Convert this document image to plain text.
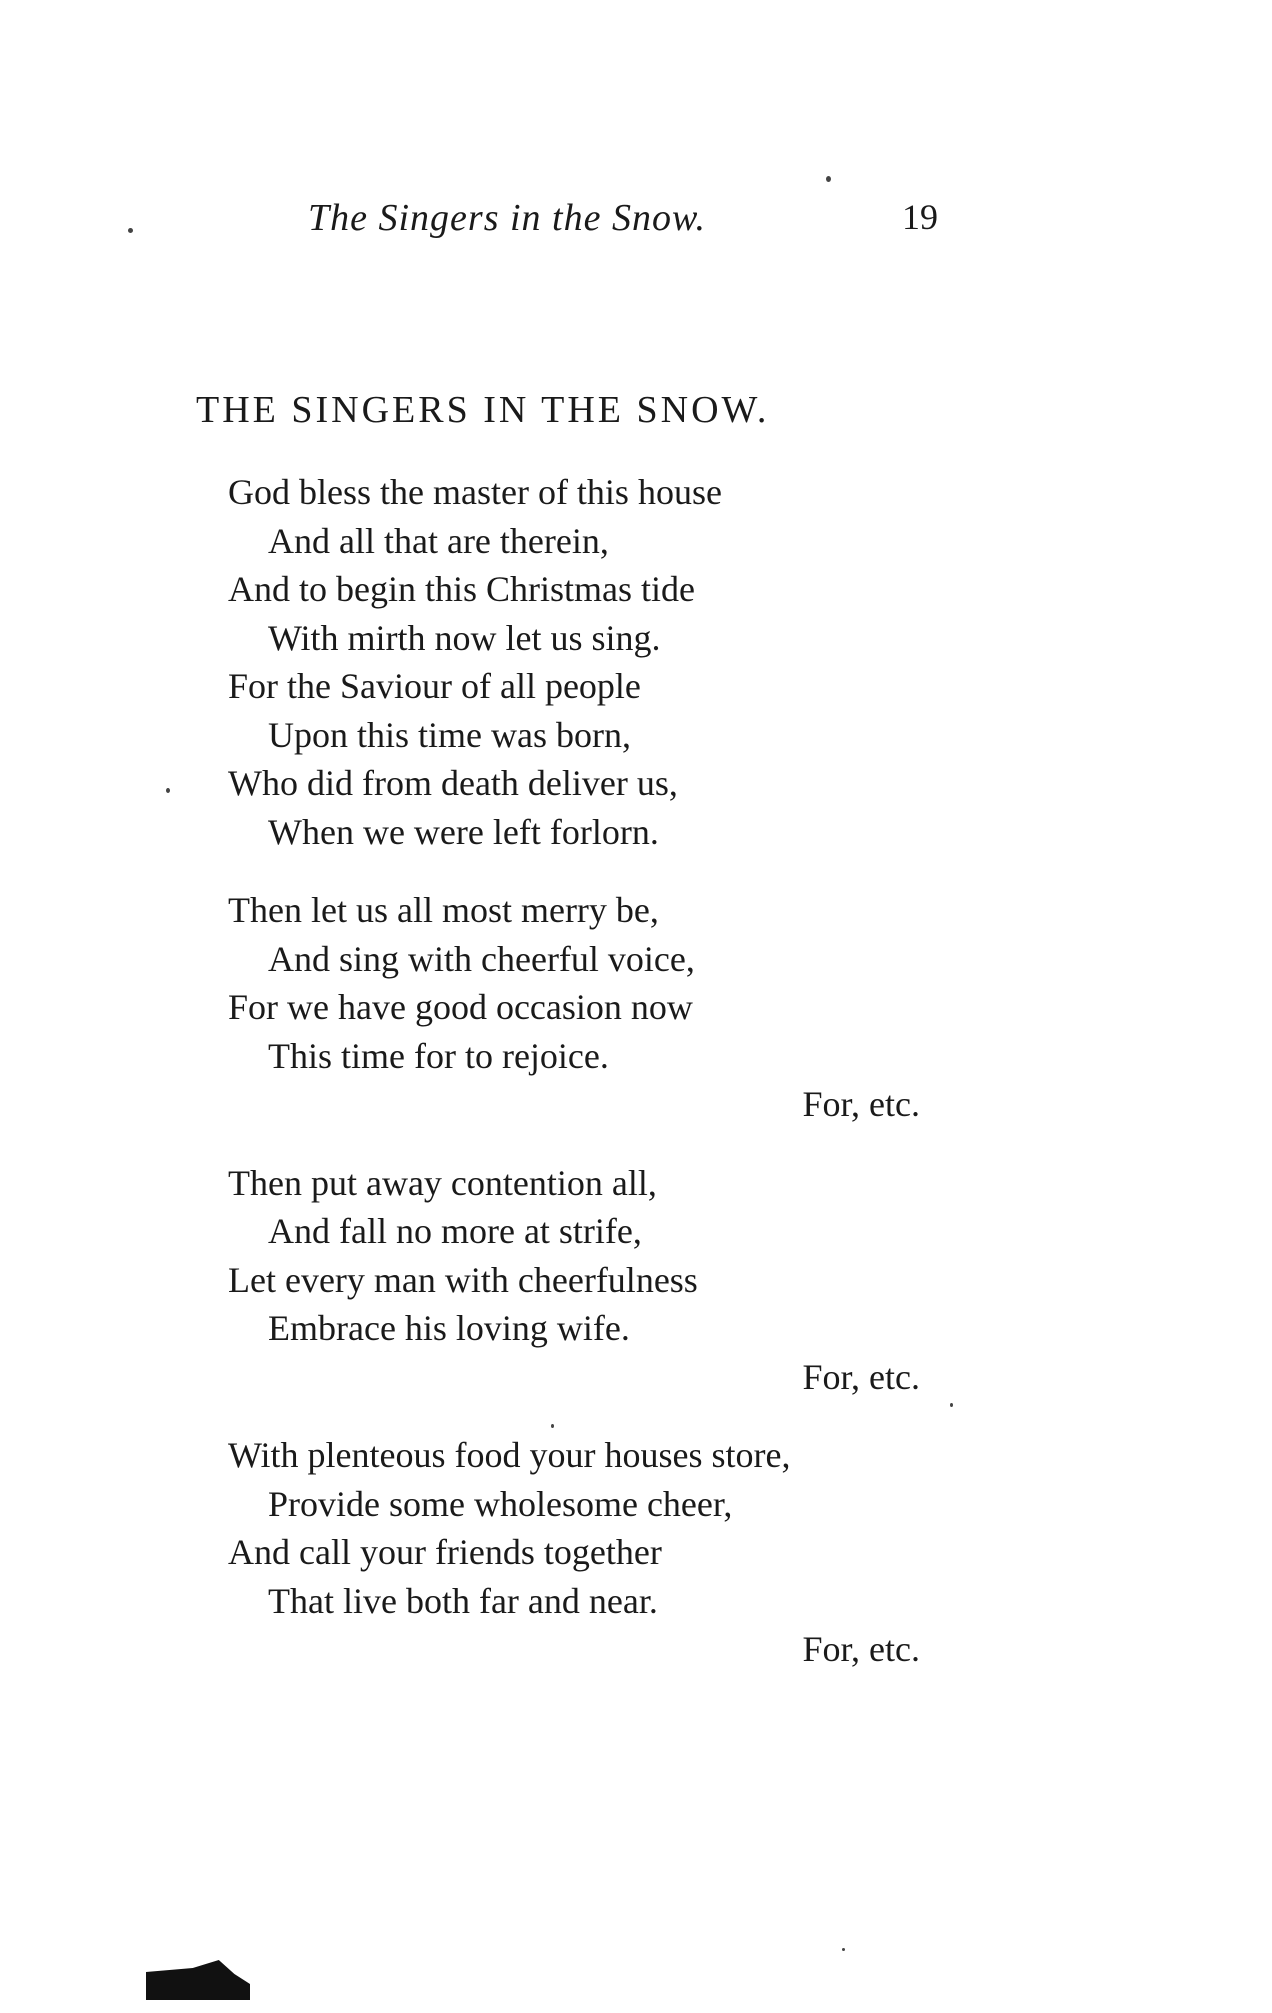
The Singers in the Snow.	19
THE SINGERS IN THE SNOW.
God bless the master of this house
And all that are therein,
And to begin this Christmas tide
With mirth now let us sing.
For the Saviour of all people
Upon this time was born,
Who did from death deliver us,
When we were left forlorn.
Then let us all most merry be,
And sing with cheerful voice,
For we have good occasion now
This time for to rejoice.
For, etc.
Then put away contention all,
And fall no more at strife,
Let every man with cheerfulness
Embrace his loving wife.
For, etc.
With plenteous food your houses store,
Provide some wholesome cheer,
And call your friends together
That live both far and near.
For, etc.
